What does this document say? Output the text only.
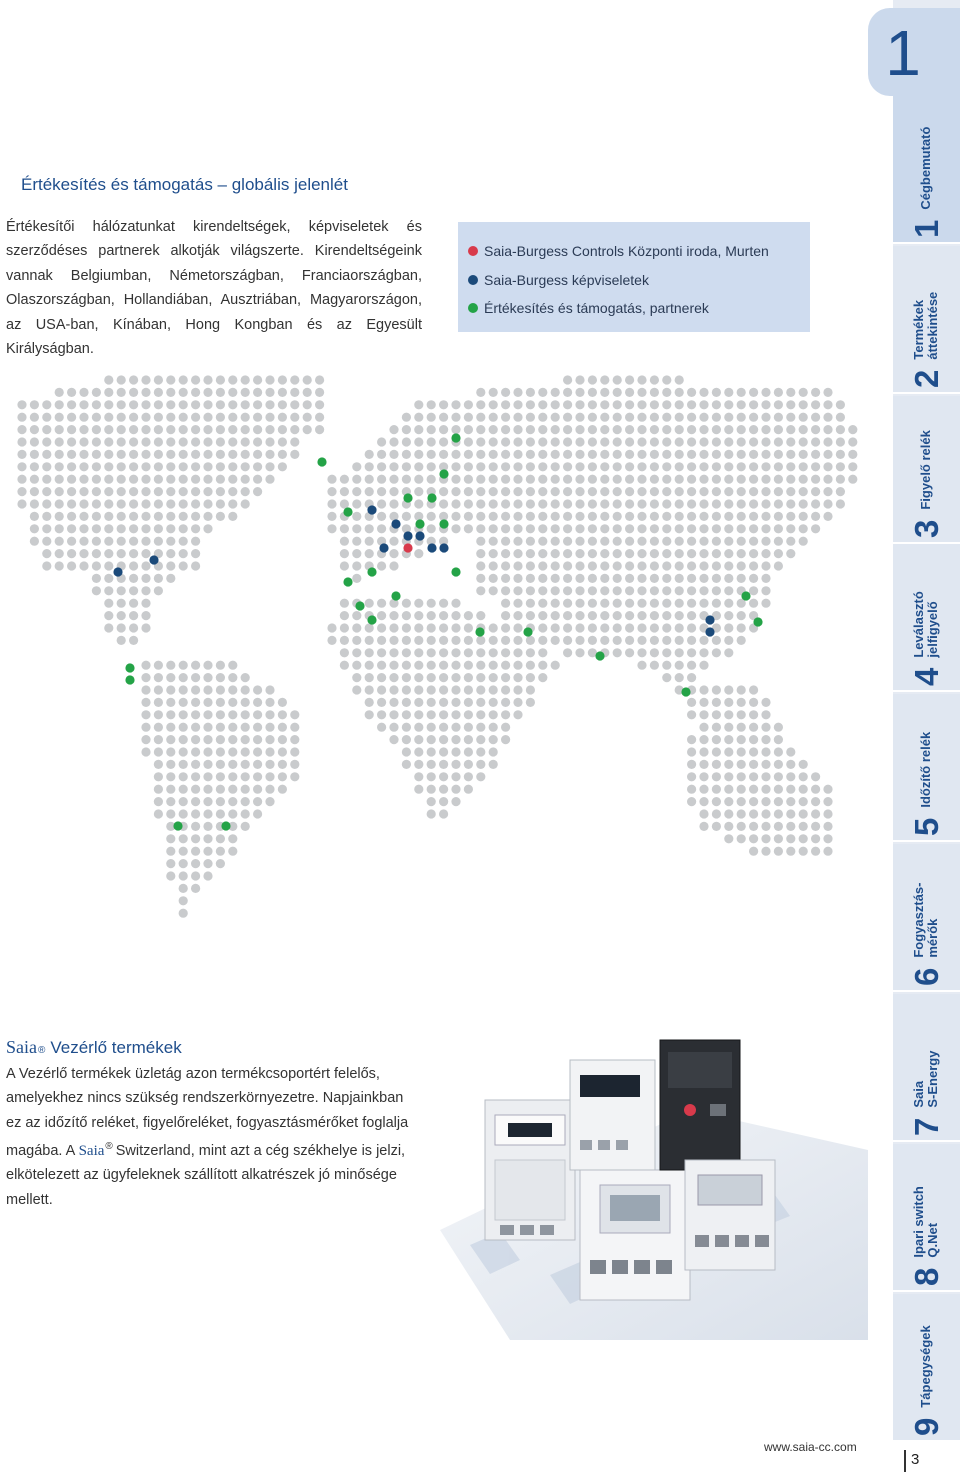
Értékesítés és támogatás – globális jelenlét

Értékesítői hálózatunkat kirendeltségek, képviseletek és szerződéses partnerek alkotják világszerte. Kirendeltségeink vannak Belgiumban, Németországban, Franciaországban, Olaszországban, Hollandiában, Ausztriában, Magyarországon, az USA-ban, Kínában, Hong Kongban és az Egyesült Királyságban.

Saia-Burgess Controls Központi iroda, Murten
Saia-Burgess képviseletek
Értékesítés és támogatás, partnerek
Saia ® Vezérlő termékek

A Vezérlő termékek üzletág azon termékcsoportért felelős,
amelyekhez nincs szükség rendszerkörnyezetre. Napjainkban
ez az időzítő reléket, figyelőreléket, fogyasztásmérőket foglalja
magába. A Saia® Switzerland, mint azt a cég székhelye is jelzi,
elkötelezett az ügyfeleknek szállított alkatrészek jó minősége
mellett.

www.saia-cc.com
3
1
1
Cégbemutató
2
Termékek
áttekintése
3
Figyelő relék
4
Leválasztó
jelfigyelő
5
Időzítő relék
6
Fogyasztás-
mérők
7
Saia
S-Energy
8
Ipari switch
Q.Net
9
Tápegységek
